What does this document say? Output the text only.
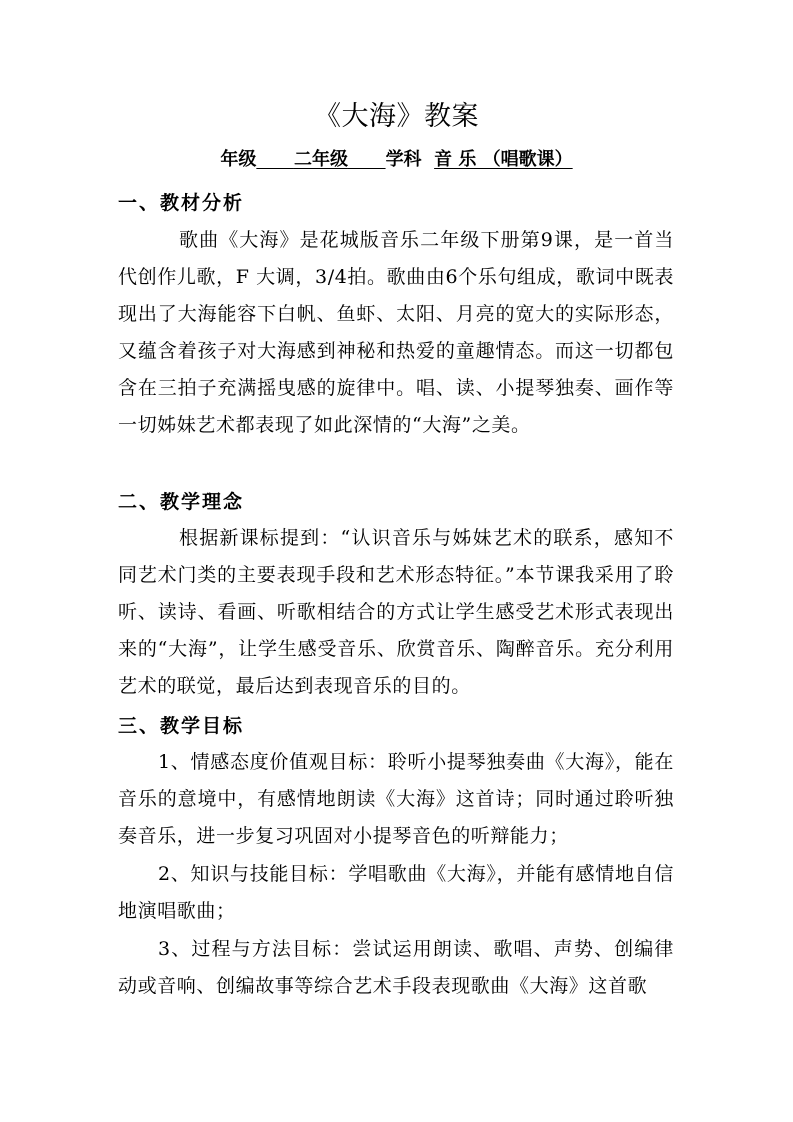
《大海》教案
年级 二年级 学科 音 乐 （唱歌课）
一、教材分析
歌曲《大海》是花城版音乐二年级下册第9课，是一首当代创作儿歌，F 大调，3/4拍。歌曲由6个乐句组成，歌词中既表现出了大海能容下白帆、鱼虾、太阳、月亮的宽大的实际形态，又蕴含着孩子对大海感到神秘和热爱的童趣情态。而这一切都包含在三拍子充满摇曳感的旋律中。唱、读、小提琴独奏、画作等一切姊妹艺术都表现了如此深情的“大海”之美。
二、教学理念
根据新课标提到：“认识音乐与姊妹艺术的联系，感知不同艺术门类的主要表现手段和艺术形态特征。”本节课我采用了聆听、读诗、看画、听歌相结合的方式让学生感受艺术形式表现出来的“大海”，让学生感受音乐、欣赏音乐、陶醉音乐。充分利用艺术的联觉，最后达到表现音乐的目的。
三、教学目标
1、情感态度价值观目标：聆听小提琴独奏曲《大海》，能在音乐的意境中，有感情地朗读《大海》这首诗；同时通过聆听独奏音乐，进一步复习巩固对小提琴音色的听辩能力；
2、知识与技能目标：学唱歌曲《大海》，并能有感情地自信地演唱歌曲；
3、过程与方法目标：尝试运用朗读、歌唱、声势、创编律动或音响、创编故事等综合艺术手段表现歌曲《大海》这首歌
